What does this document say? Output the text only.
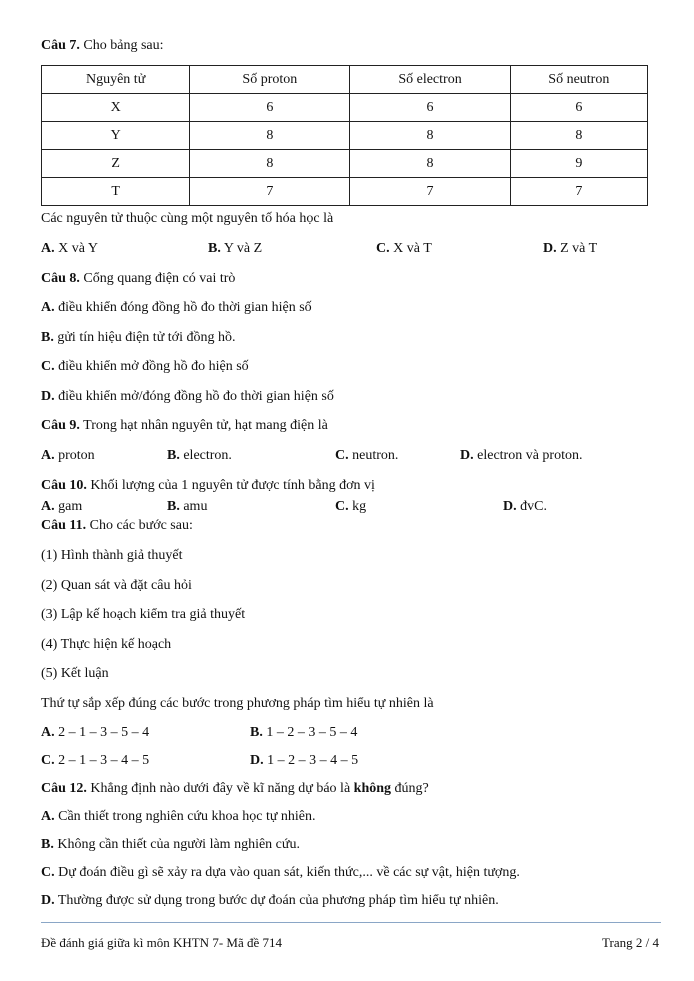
Câu 7. Cho bảng sau:
Nguyên tử	Số proton	Số electron	Số neutron
X	6	6	6
Y	8	8	8
Z	8	8	9
T	7	7	7
Các nguyên tử thuộc cùng một nguyên tố hóa học là
A. X và Y	B. Y và Z	C. X và T	D. Z và T
Câu 8. Cổng quang điện có vai trò
A. điều khiển đóng đồng hồ đo thời gian hiện số
B. gửi tín hiệu điện tử tới đồng hồ.
C. điều khiển mở đồng hồ đo hiện số
D. điều khiển mở/đóng đồng hồ đo thời gian hiện số
Câu 9. Trong hạt nhân nguyên tử, hạt mang điện là
A. proton	B. electron.	C. neutron.	D. electron và proton.
Câu 10. Khối lượng của 1 nguyên tử được tính bằng đơn vị
A. gam	B. amu	C. kg	D. đvC.
Câu 11. Cho các bước sau:
(1) Hình thành giả thuyết
(2) Quan sát và đặt câu hỏi
(3) Lập kế hoạch kiểm tra giả thuyết
(4) Thực hiện kế hoạch
(5) Kết luận
Thứ tự sắp xếp đúng các bước trong phương pháp tìm hiểu tự nhiên là
A. 2 – 1 – 3 – 5 – 4	B. 1 – 2 – 3 – 5 – 4
C. 2 – 1 – 3 – 4 – 5	D. 1 – 2 – 3 – 4 – 5
Câu 12. Khẳng định nào dưới đây về kĩ năng dự báo là không đúng?
A. Cần thiết trong nghiên cứu khoa học tự nhiên.
B. Không cần thiết của người làm nghiên cứu.
C. Dự đoán điều gì sẽ xảy ra dựa vào quan sát, kiến thức,... về các sự vật, hiện tượng.
D. Thường được sử dụng trong bước dự đoán của phương pháp tìm hiểu tự nhiên.
Đề đánh giá giữa kì môn KHTN 7- Mã đề 714	Trang 2 / 4
